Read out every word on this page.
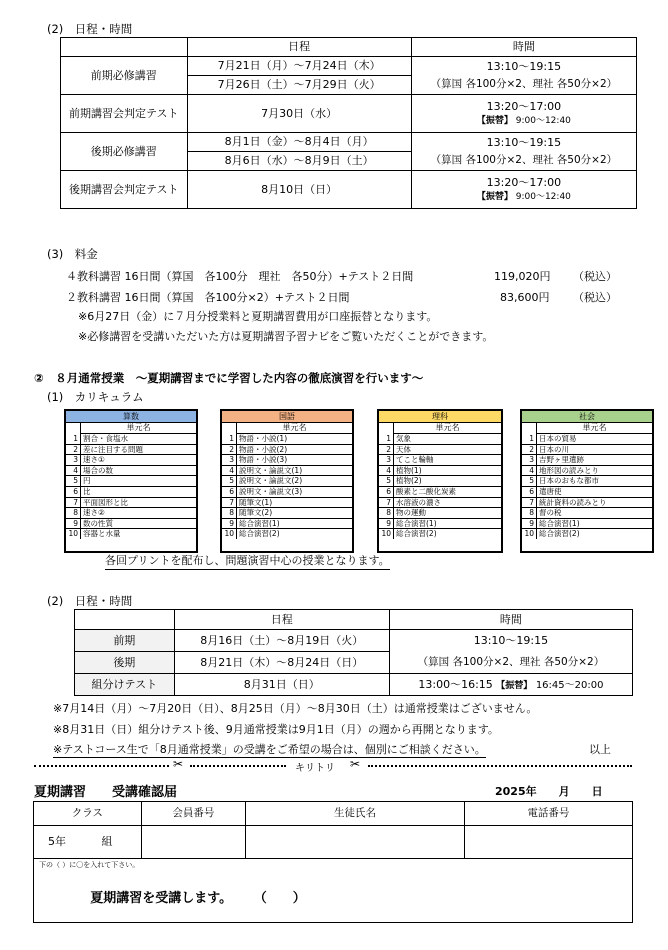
(2)　日程・時間
	日程	時間
前期必修講習	7月21日（月）～7月24日（木）	13:10～19:15
	7月26日（土）～7月29日（火）	（算国 各100分×2、理社 各50分×2）
前期講習会判定テスト	7月30日（水）	13:20～17:00
【振替】 9:00～12:40

後期必修講習	8月1日（金）～8月4日（月）	13:10～19:15
	8月6日（水）～8月9日（土）	（算国 各100分×2、理社 各50分×2）
後期講習会判定テスト	8月10日（日）	13:20～17:00
【振替】 9:00～12:40
(3)　料金
４教科講習 16日間（算国　各100分　理社　各50分）+テスト２日間	119,020円 （税込）
２教科講習 16日間（算国　各100分×2）+テスト２日間	83,600円 （税込）
※6月27日（金）に７月分授業料と夏期講習費用が口座振替となります。
※必修講習を受講いただいた方は夏期講習予習ナビをご覧いただくことができます。
②　８月通常授業　～夏期講習までに学習した内容の徹底演習を行います～
(1)　カリキュラム
算数
単元名
1 割合・食塩水
2 差に注目する問題
3 速さ①
4 場合の数
5 円
6 比
7 平面図形と比
8 速さ②
9 数の性質
10 容器と水量
国語
単元名
1 物語・小説(1)
2 物語・小説(2)
3 物語・小説(3)
4 説明文・論説文(1)
5 説明文・論説文(2)
6 説明文・論説文(3)
7 随筆文(1)
8 随筆文(2)
9 総合演習(1)
10 総合演習(2)
理科
単元名
1 気象
2 天体
3 てこと輪軸
4 植物(1)
5 植物(2)
6 酸素と二酸化炭素
7 水溶液の濃さ
8 物の運動
9 総合演習(1)
10 総合演習(2)
社会
単元名
1 日本の貿易
2 日本の川
3 吉野ヶ里遺跡
4 地形図の読みとり
5 日本のおもな都市
6 遣唐使
7 統計資料の読みとり
8 督の税
9 総合演習(1)
10 総合演習(2)
各回プリントを配布し、問題演習中心の授業となります。
(2)　日程・時間
	日程	時間
前期	8月16日（土）～8月19日（火）	13:10～19:15
後期	8月21日（木）～8月24日（日）	（算国 各100分×2、理社 各50分×2）
組分けテスト	8月31日（日）	13:00～16:15 【振替】 16:45～20:00
※7月14日（月）～7月20日（日）、8月25日（月）～8月30日（土）は通常授業はございません。
※8月31日（日）組分けテスト後、9月通常授業は9月1日（月）の週から再開となります。
※テストコース生で「8月通常授業」の受講をご希望の場合は、個別にご相談ください。	以上
✂	キリトリ ✂
夏期講習　　受講確認届	2025年　　月　　日
クラス	会員番号	生徒氏名	電話番号
5年 組			

下の（ ）に〇を入れて下さい。

夏期講習を受講します。 （　　）			
